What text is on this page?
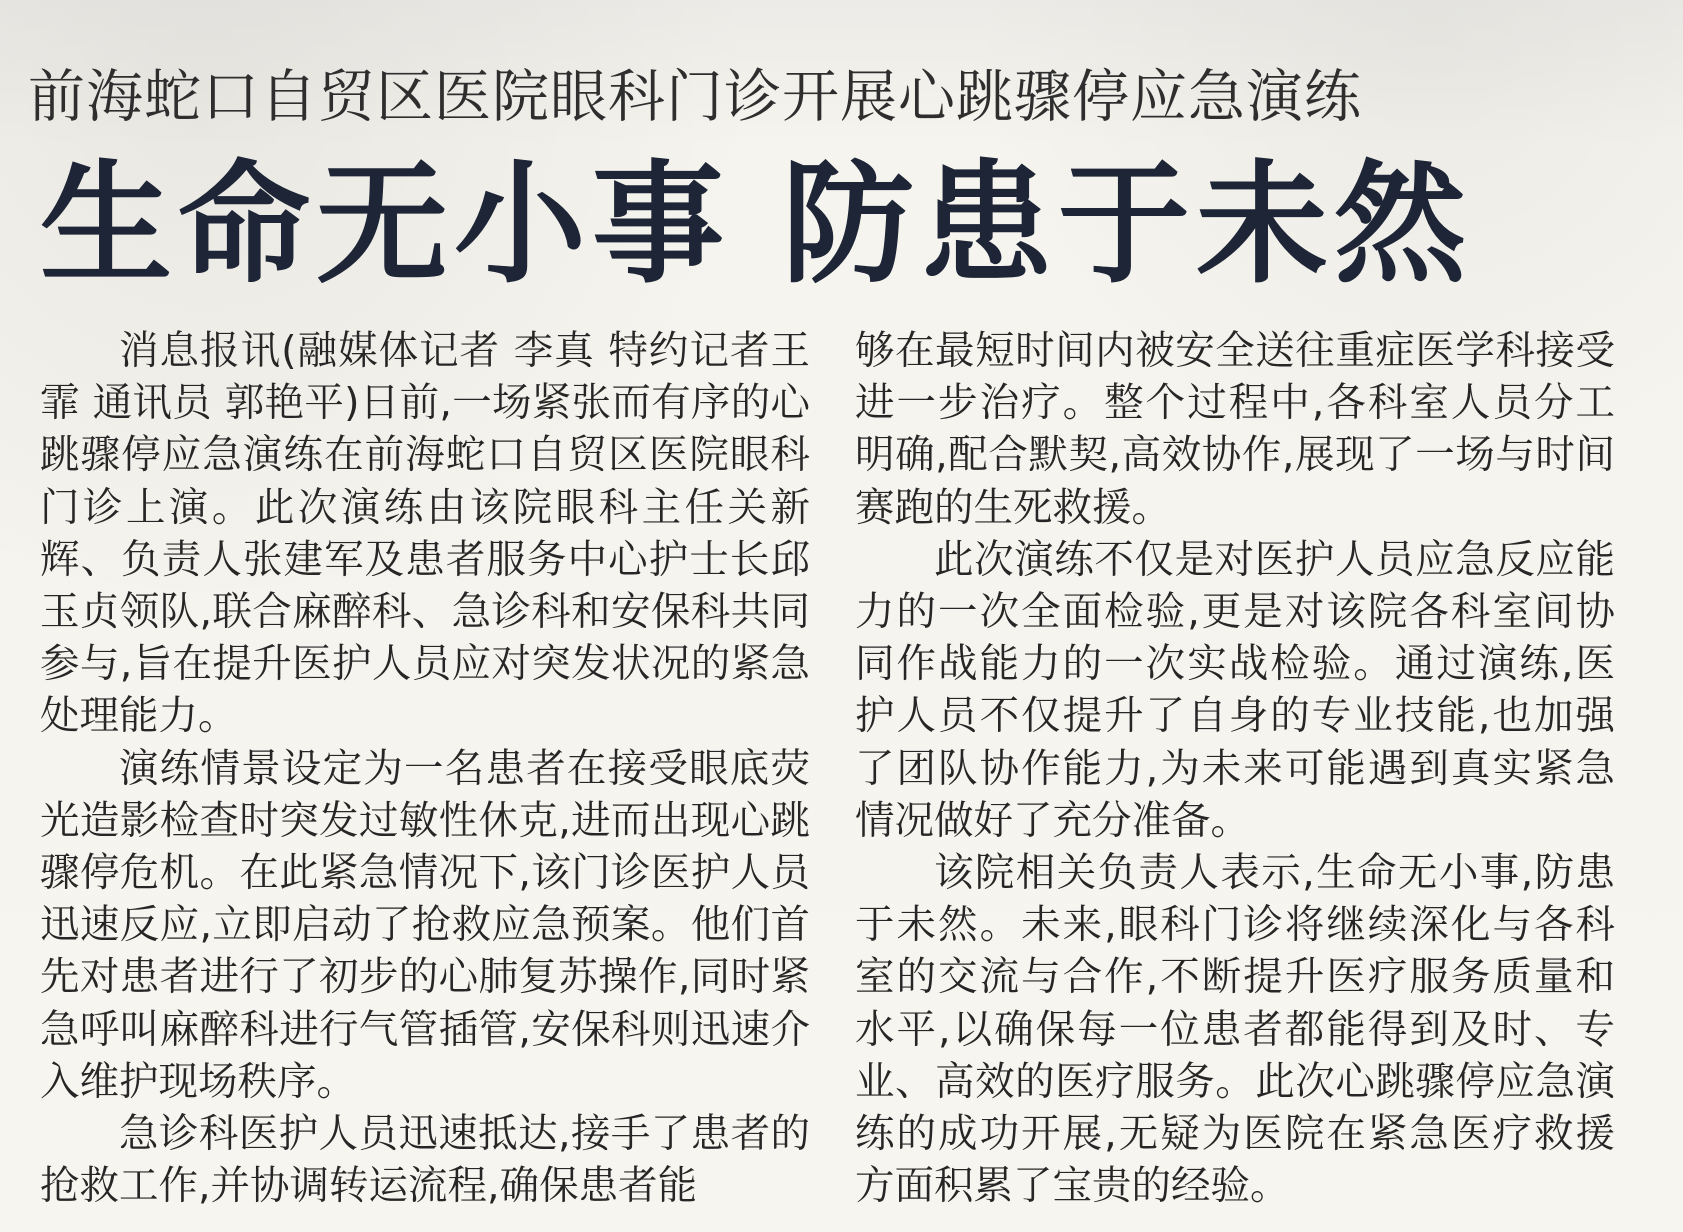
前海蛇口自贸区医院眼科门诊开展心跳骤停应急演练
生命无小事 防患于未然

消息报讯(融媒体记者 李真 特约记者王霏 通讯员 郭艳平)日前,一场紧张而有序的心跳骤停应急演练在前海蛇口自贸区医院眼科门诊上演。此次演练由该院眼科主任关新辉、负责人张建军及患者服务中心护士长邱玉贞领队,联合麻醉科、急诊科和安保科共同参与,旨在提升医护人员应对突发状况的紧急处理能力。

演练情景设定为一名患者在接受眼底荧光造影检查时突发过敏性休克,进而出现心跳骤停危机。在此紧急情况下,该门诊医护人员迅速反应,立即启动了抢救应急预案。他们首先对患者进行了初步的心肺复苏操作,同时紧急呼叫麻醉科进行气管插管,安保科则迅速介入维护现场秩序。

急诊科医护人员迅速抵达,接手了患者的抢救工作,并协调转运流程,确保患者能

够在最短时间内被安全送往重症医学科接受进一步治疗。整个过程中,各科室人员分工明确,配合默契,高效协作,展现了一场与时间赛跑的生死救援。

此次演练不仅是对医护人员应急反应能力的一次全面检验,更是对该院各科室间协同作战能力的一次实战检验。通过演练,医护人员不仅提升了自身的专业技能,也加强了团队协作能力,为未来可能遇到真实紧急情况做好了充分准备。

该院相关负责人表示,生命无小事,防患于未然。未来,眼科门诊将继续深化与各科室的交流与合作,不断提升医疗服务质量和水平,以确保每一位患者都能得到及时、专业、高效的医疗服务。此次心跳骤停应急演练的成功开展,无疑为医院在紧急医疗救援方面积累了宝贵的经验。
